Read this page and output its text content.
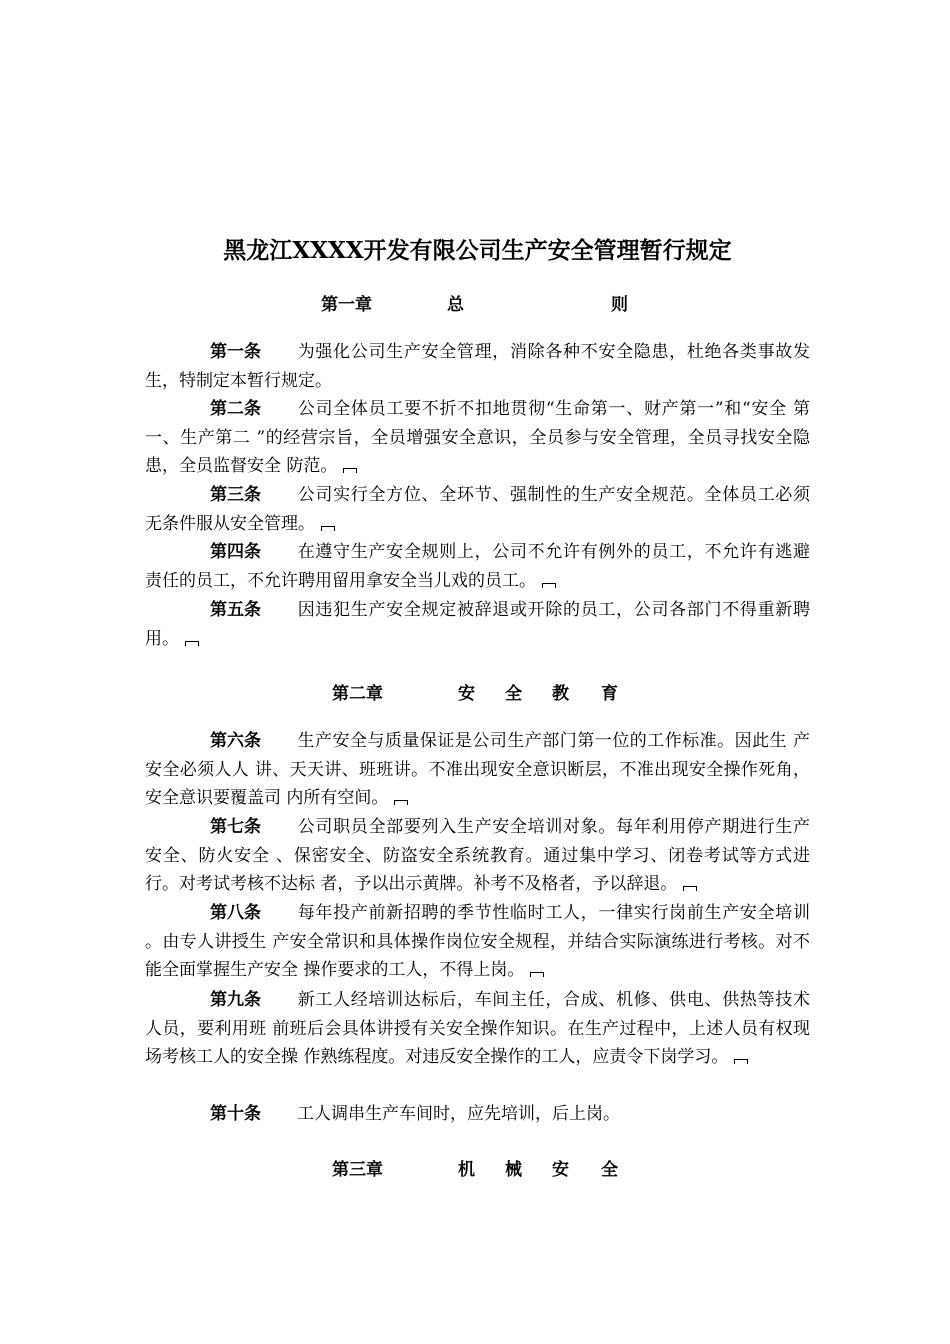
黑龙江XXXX开发有限公司生产安全管理暂行规定
第一章	总	则
第一条 为强化公司生产安全管理，消除各种不安全隐患，杜绝各类事故发 生，特制定本暂行规定。
第二条 公司全体员工要不折不扣地贯彻“生命第一、财产第一”和“安全 第一、生产第二 ”的经营宗旨，全员增强安全意识，全员参与安全管理，全员寻找安全隐患，全员监督安全 防范。
第三条 公司实行全方位、全环节、强制性的生产安全规范。全体员工必须 无条件服从安全管理。
第四条 在遵守生产安全规则上，公司不允许有例外的员工，不允许有逃避 责任的员工，不允许聘用留用拿安全当儿戏的员工。
第五条 因违犯生产安全规定被辞退或开除的员工，公司各部门不得重新聘 用。
第二章	安 全 教 育
第六条 生产安全与质量保证是公司生产部门第一位的工作标准。因此生 产安全必须人人 讲、天天讲、班班讲。不准出现安全意识断层，不准出现安全操作死角，安全意识要覆盖司 内所有空间。
第七条 公司职员全部要列入生产安全培训对象。每年利用停产期进行生产 安全、防火安全 、保密安全、防盗安全系统教育。通过集中学习、闭卷考试等方式进行。对考试考核不达标 者，予以出示黄牌。补考不及格者，予以辞退。
第八条 每年投产前新招聘的季节性临时工人，一律实行岗前生产安全培训 。由专人讲授生 产安全常识和具体操作岗位安全规程，并结合实际演练进行考核。对不能全面掌握生产安全 操作要求的工人，不得上岗。
第九条 新工人经培训达标后，车间主任，合成、机修、供电、供热等技术 人员，要利用班 前班后会具体讲授有关安全操作知识。在生产过程中，上述人员有权现场考核工人的安全操 作熟练程度。对违反安全操作的工人，应责令下岗学习。
第十条 工人调串生产车间时，应先培训，后上岗。
第三章	机 械 安 全
